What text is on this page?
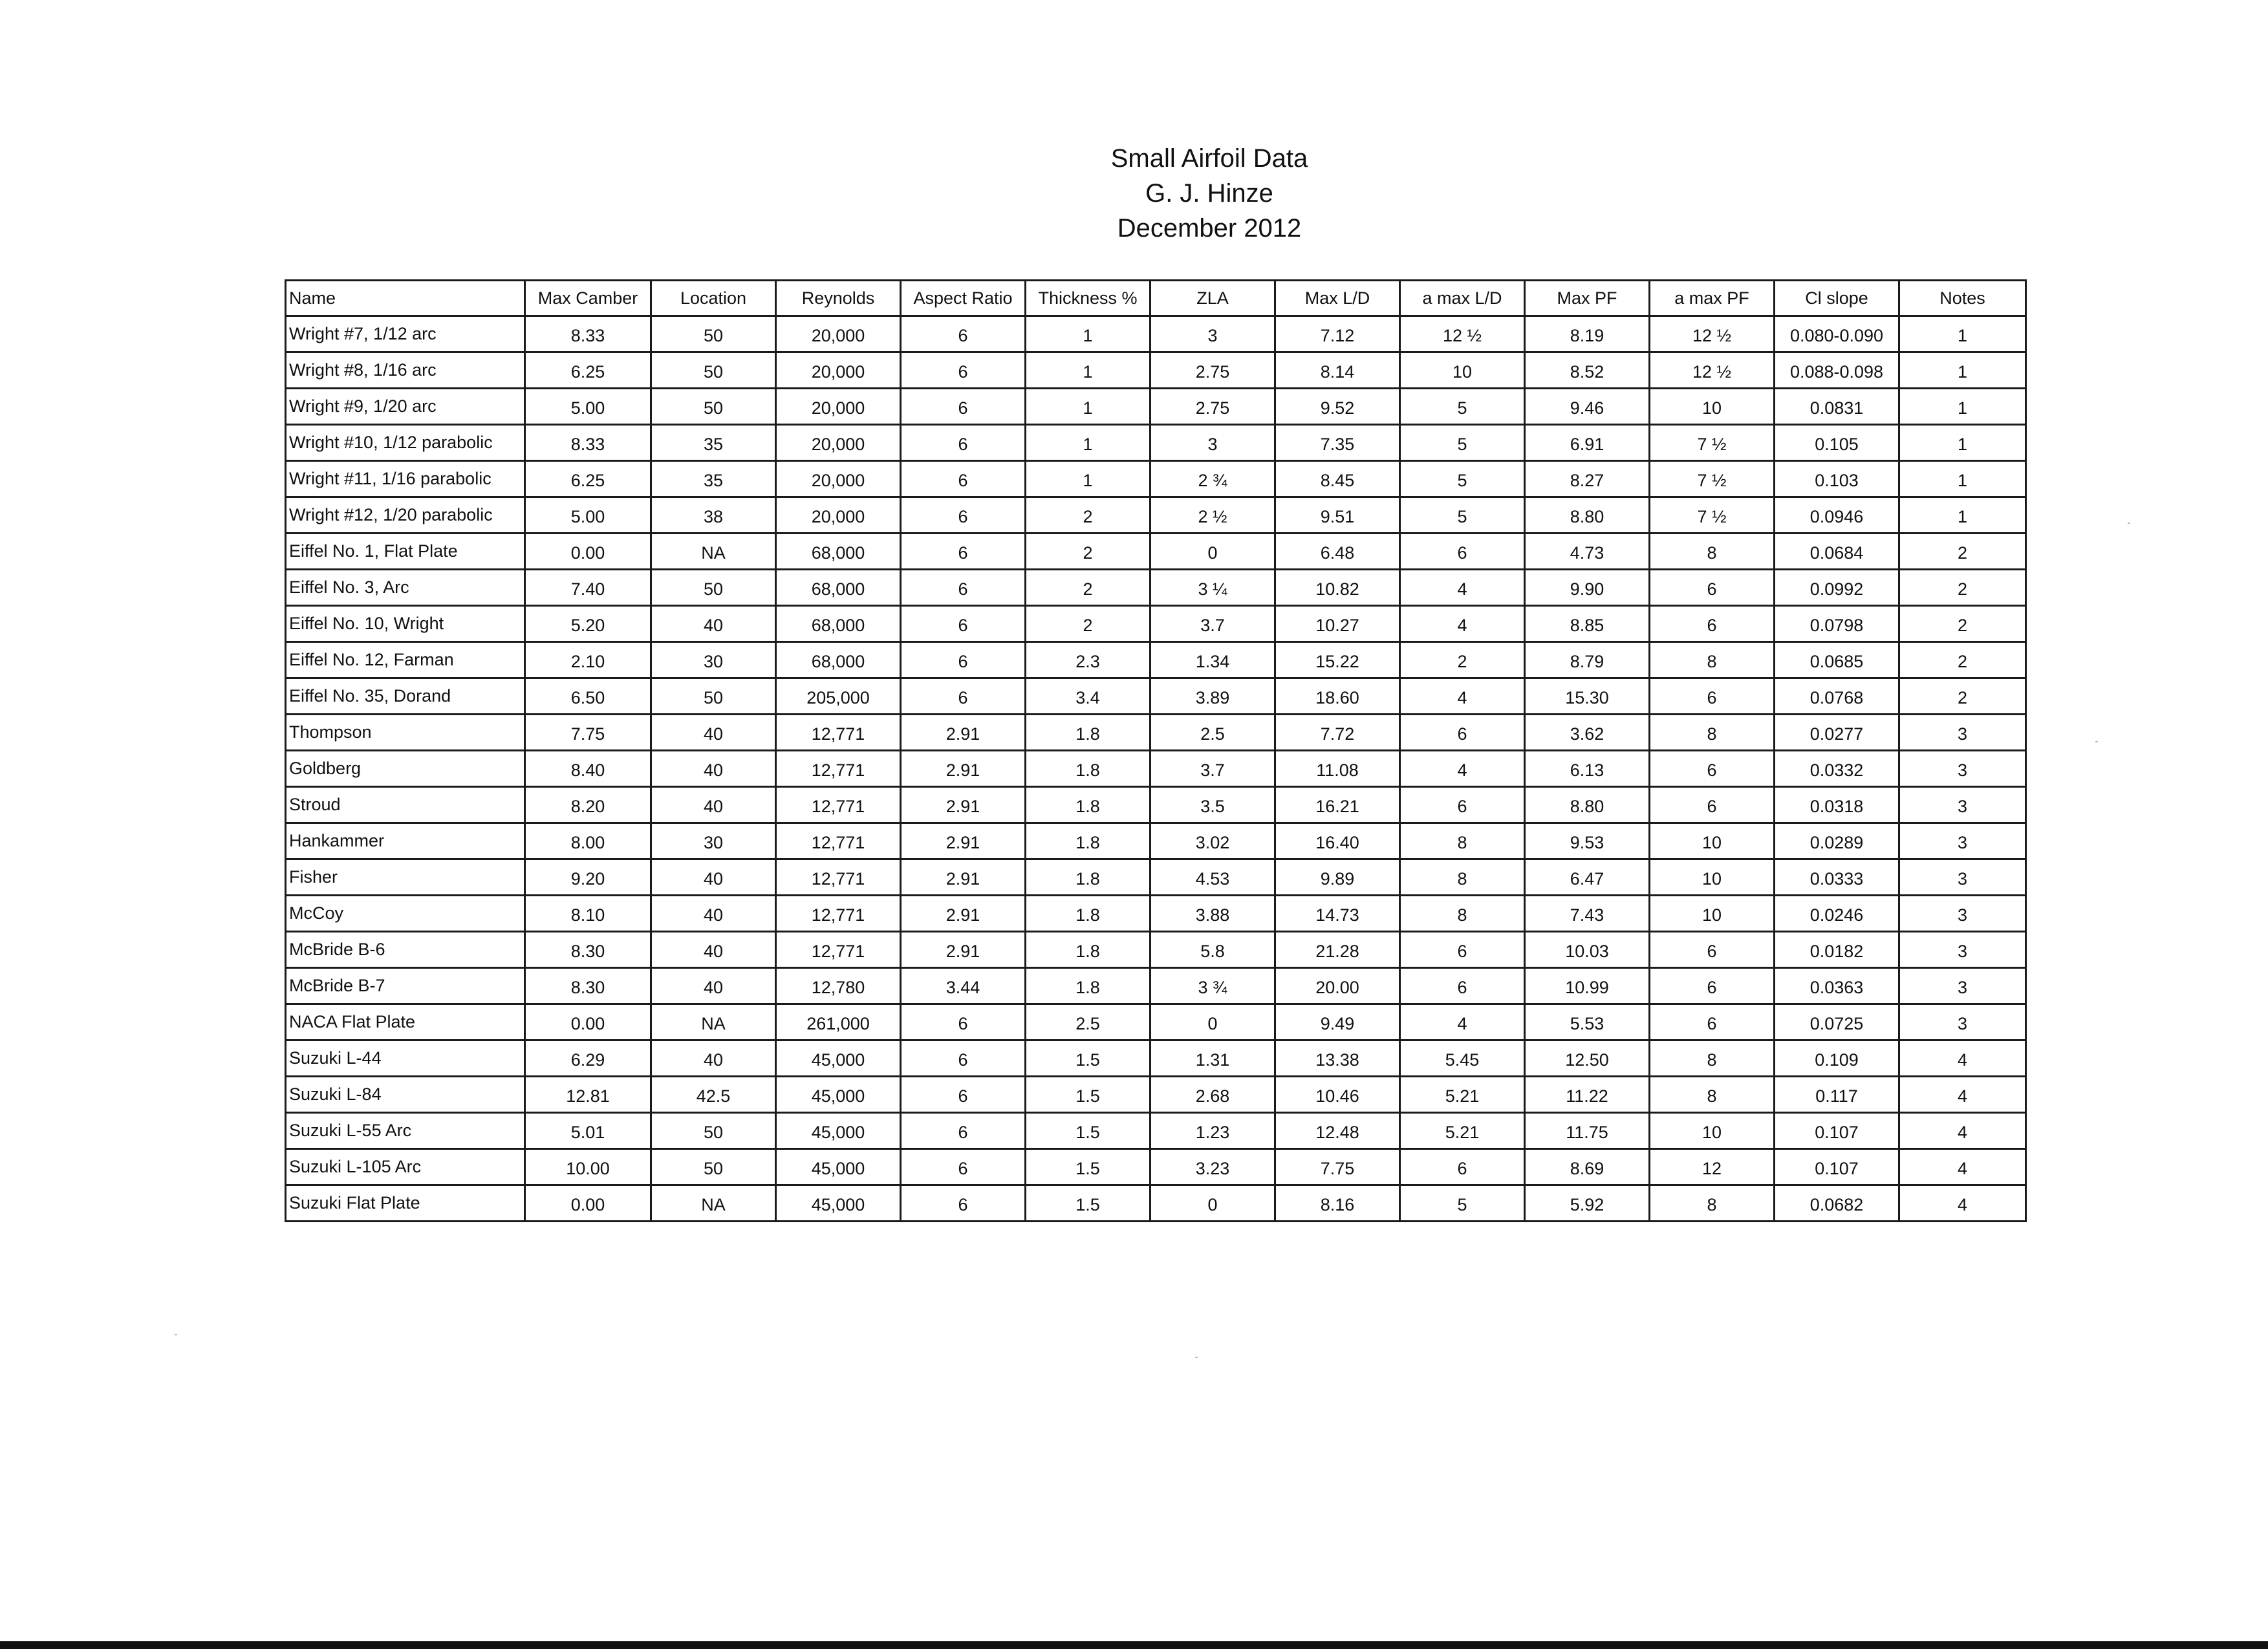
Small Airfoil Data
G. J. Hinze
December 2012
Name	Max Camber	Location	Reynolds	Aspect Ratio	Thickness %	ZLA	Max L/D	a max L/D	Max PF	a max PF	Cl slope	Notes
Wright #7, 1/12 arc	8.33	50	20,000	6	1	3	7.12	12 ½	8.19	12 ½	0.080-0.090	1
Wright #8, 1/16 arc	6.25	50	20,000	6	1	2.75	8.14	10	8.52	12 ½	0.088-0.098	1
Wright #9, 1/20 arc	5.00	50	20,000	6	1	2.75	9.52	5	9.46	10	0.0831	1
Wright #10, 1/12 parabolic	8.33	35	20,000	6	1	3	7.35	5	6.91	7 ½	0.105	1
Wright #11, 1/16 parabolic	6.25	35	20,000	6	1	2 ¾	8.45	5	8.27	7 ½	0.103	1
Wright #12, 1/20 parabolic	5.00	38	20,000	6	2	2 ½	9.51	5	8.80	7 ½	0.0946	1
Eiffel No. 1, Flat Plate	0.00	NA	68,000	6	2	0	6.48	6	4.73	8	0.0684	2
Eiffel No. 3, Arc	7.40	50	68,000	6	2	3 ¼	10.82	4	9.90	6	0.0992	2
Eiffel No. 10, Wright	5.20	40	68,000	6	2	3.7	10.27	4	8.85	6	0.0798	2
Eiffel No. 12, Farman	2.10	30	68,000	6	2.3	1.34	15.22	2	8.79	8	0.0685	2
Eiffel No. 35, Dorand	6.50	50	205,000	6	3.4	3.89	18.60	4	15.30	6	0.0768	2
Thompson	7.75	40	12,771	2.91	1.8	2.5	7.72	6	3.62	8	0.0277	3
Goldberg	8.40	40	12,771	2.91	1.8	3.7	11.08	4	6.13	6	0.0332	3
Stroud	8.20	40	12,771	2.91	1.8	3.5	16.21	6	8.80	6	0.0318	3
Hankammer	8.00	30	12,771	2.91	1.8	3.02	16.40	8	9.53	10	0.0289	3
Fisher	9.20	40	12,771	2.91	1.8	4.53	9.89	8	6.47	10	0.0333	3
McCoy	8.10	40	12,771	2.91	1.8	3.88	14.73	8	7.43	10	0.0246	3
McBride B-6	8.30	40	12,771	2.91	1.8	5.8	21.28	6	10.03	6	0.0182	3
McBride B-7	8.30	40	12,780	3.44	1.8	3 ¾	20.00	6	10.99	6	0.0363	3
NACA Flat Plate	0.00	NA	261,000	6	2.5	0	9.49	4	5.53	6	0.0725	3
Suzuki L-44	6.29	40	45,000	6	1.5	1.31	13.38	5.45	12.50	8	0.109	4
Suzuki L-84	12.81	42.5	45,000	6	1.5	2.68	10.46	5.21	11.22	8	0.117	4
Suzuki L-55 Arc	5.01	50	45,000	6	1.5	1.23	12.48	5.21	11.75	10	0.107	4
Suzuki L-105 Arc	10.00	50	45,000	6	1.5	3.23	7.75	6	8.69	12	0.107	4
Suzuki Flat Plate	0.00	NA	45,000	6	1.5	0	8.16	5	5.92	8	0.0682	4
